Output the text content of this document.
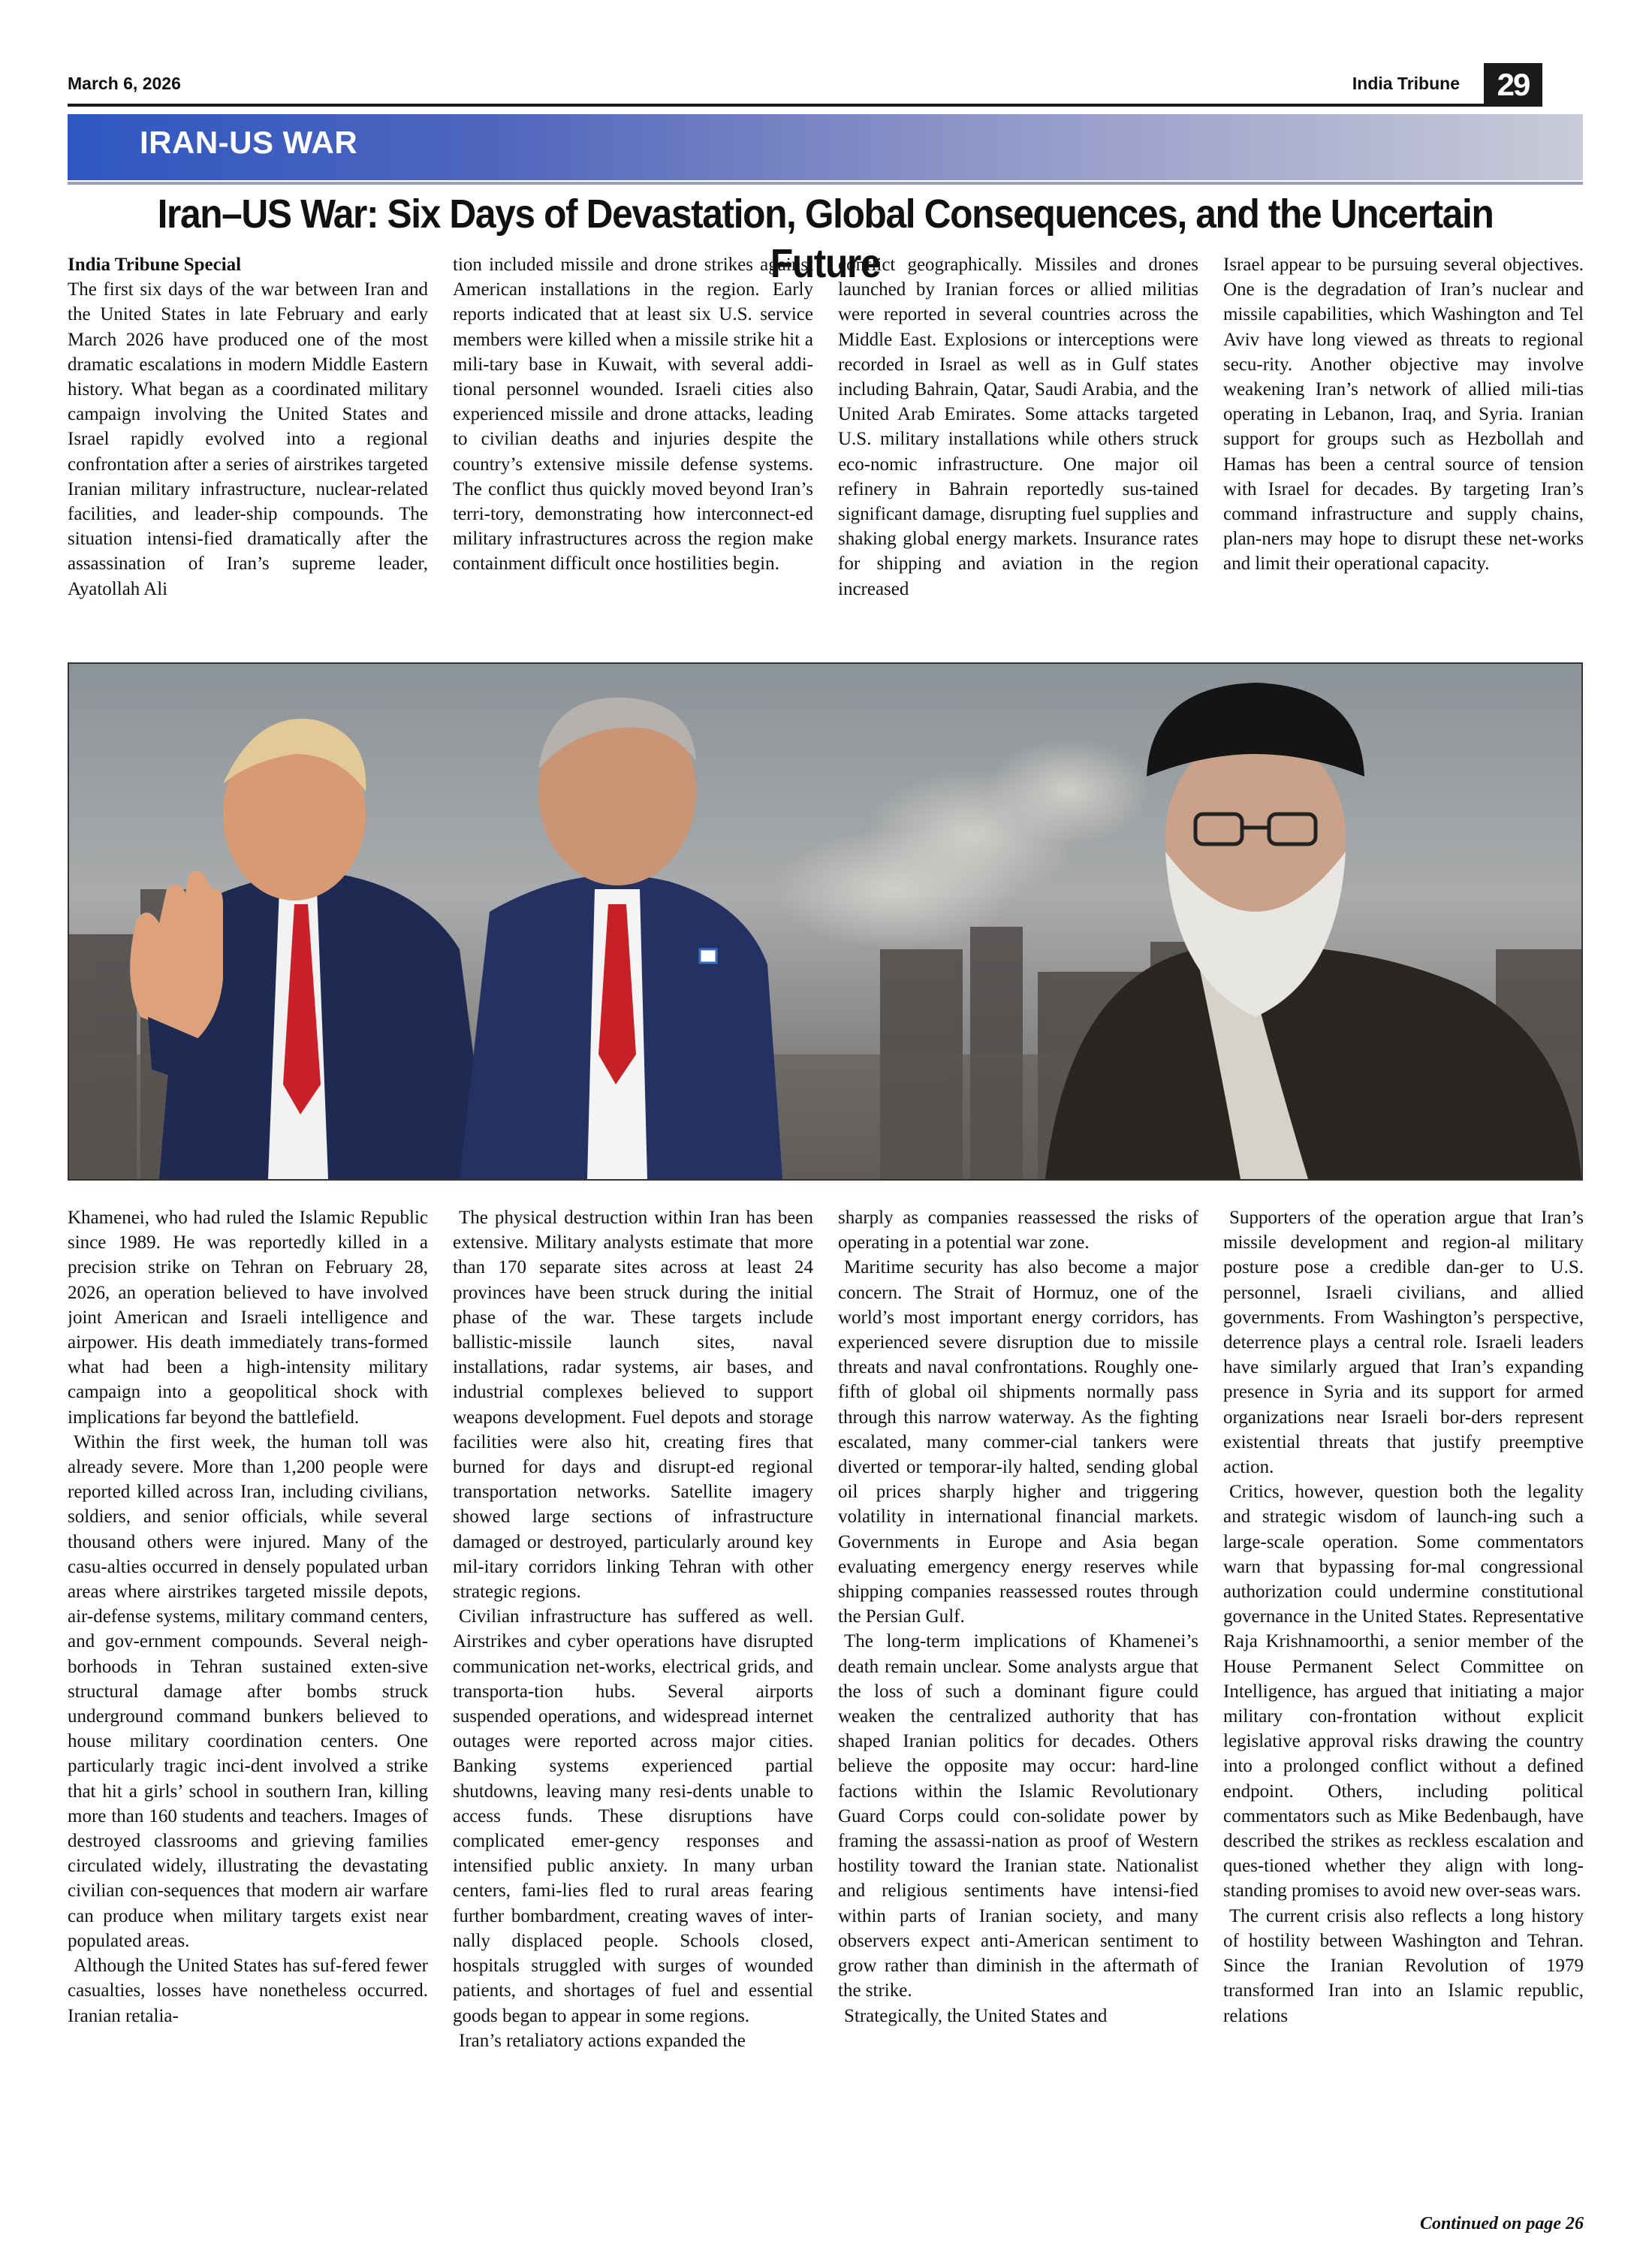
March 6, 2026	India Tribune	29
IRAN-US WAR
Iran–US War: Six Days of Devastation, Global Consequences, and the Uncertain Future

India Tribune Special

The first six days of the war between Iran and the United States in late February and early March 2026 have produced one of the most dramatic escalations in modern Middle Eastern history. What began as a coordinated military campaign involving the United States and Israel rapidly evolved into a regional confrontation after a series of airstrikes targeted Iranian military infrastructure, nuclear-related facilities, and leader-ship compounds. The situation intensi-fied dramatically after the assassination of Iran’s supreme leader, Ayatollah Ali

tion included missile and drone strikes against American installations in the region. Early reports indicated that at least six U.S. service members were killed when a missile strike hit a mili-tary base in Kuwait, with several addi-tional personnel wounded. Israeli cities also experienced missile and drone attacks, leading to civilian deaths and injuries despite the country’s extensive missile defense systems. The conflict thus quickly moved beyond Iran’s terri-tory, demonstrating how interconnect-ed military infrastructures across the region make containment difficult once hostilities begin.

conflict geographically. Missiles and drones launched by Iranian forces or allied militias were reported in several countries across the Middle East. Explosions or interceptions were recorded in Israel as well as in Gulf states including Bahrain, Qatar, Saudi Arabia, and the United Arab Emirates. Some attacks targeted U.S. military installations while others struck eco-nomic infrastructure. One major oil refinery in Bahrain reportedly sus-tained significant damage, disrupting fuel supplies and shaking global energy markets. Insurance rates for shipping and aviation in the region increased

Israel appear to be pursuing several objectives. One is the degradation of Iran’s nuclear and missile capabilities, which Washington and Tel Aviv have long viewed as threats to regional secu-rity. Another objective may involve weakening Iran’s network of allied mili-tias operating in Lebanon, Iraq, and Syria. Iranian support for groups such as Hezbollah and Hamas has been a central source of tension with Israel for decades. By targeting Iran’s command infrastructure and supply chains, plan-ners may hope to disrupt these net-works and limit their operational capacity.

Khamenei, who had ruled the Islamic Republic since 1989. He was reportedly killed in a precision strike on Tehran on February 28, 2026, an operation believed to have involved joint American and Israeli intelligence and airpower. His death immediately trans-formed what had been a high-intensity military campaign into a geopolitical shock with implications far beyond the battlefield.

Within the first week, the human toll was already severe. More than 1,200 people were reported killed across Iran, including civilians, soldiers, and senior officials, while several thousand others were injured. Many of the casu-alties occurred in densely populated urban areas where airstrikes targeted missile depots, air-defense systems, military command centers, and gov-ernment compounds. Several neigh-borhoods in Tehran sustained exten-sive structural damage after bombs struck underground command bunkers believed to house military coordination centers. One particularly tragic inci-dent involved a strike that hit a girls’ school in southern Iran, killing more than 160 students and teachers. Images of destroyed classrooms and grieving families circulated widely, illustrating the devastating civilian con-sequences that modern air warfare can produce when military targets exist near populated areas.

Although the United States has suf-fered fewer casualties, losses have nonetheless occurred. Iranian retalia-

The physical destruction within Iran has been extensive. Military analysts estimate that more than 170 separate sites across at least 24 provinces have been struck during the initial phase of the war. These targets include ballistic-missile launch sites, naval installations, radar systems, air bases, and industrial complexes believed to support weapons development. Fuel depots and storage facilities were also hit, creating fires that burned for days and disrupt-ed regional transportation networks. Satellite imagery showed large sections of infrastructure damaged or destroyed, particularly around key mil-itary corridors linking Tehran with other strategic regions.

Civilian infrastructure has suffered as well. Airstrikes and cyber operations have disrupted communication net-works, electrical grids, and transporta-tion hubs. Several airports suspended operations, and widespread internet outages were reported across major cities. Banking systems experienced partial shutdowns, leaving many resi-dents unable to access funds. These disruptions have complicated emer-gency responses and intensified public anxiety. In many urban centers, fami-lies fled to rural areas fearing further bombardment, creating waves of inter-nally displaced people. Schools closed, hospitals struggled with surges of wounded patients, and shortages of fuel and essential goods began to appear in some regions.

Iran’s retaliatory actions expanded the

sharply as companies reassessed the risks of operating in a potential war zone.

Maritime security has also become a major concern. The Strait of Hormuz, one of the world’s most important energy corridors, has experienced severe disruption due to missile threats and naval confrontations. Roughly one-fifth of global oil shipments normally pass through this narrow waterway. As the fighting escalated, many commer-cial tankers were diverted or temporar-ily halted, sending global oil prices sharply higher and triggering volatility in international financial markets. Governments in Europe and Asia began evaluating emergency energy reserves while shipping companies reassessed routes through the Persian Gulf.

The long-term implications of Khamenei’s death remain unclear. Some analysts argue that the loss of such a dominant figure could weaken the centralized authority that has shaped Iranian politics for decades. Others believe the opposite may occur: hard-line factions within the Islamic Revolutionary Guard Corps could con-solidate power by framing the assassi-nation as proof of Western hostility toward the Iranian state. Nationalist and religious sentiments have intensi-fied within parts of Iranian society, and many observers expect anti-American sentiment to grow rather than diminish in the aftermath of the strike.

Strategically, the United States and

Supporters of the operation argue that Iran’s missile development and region-al military posture pose a credible dan-ger to U.S. personnel, Israeli civilians, and allied governments. From Washington’s perspective, deterrence plays a central role. Israeli leaders have similarly argued that Iran’s expanding presence in Syria and its support for armed organizations near Israeli bor-ders represent existential threats that justify preemptive action.

Critics, however, question both the legality and strategic wisdom of launch-ing such a large-scale operation. Some commentators warn that bypassing for-mal congressional authorization could undermine constitutional governance in the United States. Representative Raja Krishnamoorthi, a senior member of the House Permanent Select Committee on Intelligence, has argued that initiating a major military con-frontation without explicit legislative approval risks drawing the country into a prolonged conflict without a defined endpoint. Others, including political commentators such as Mike Bedenbaugh, have described the strikes as reckless escalation and ques-tioned whether they align with long-standing promises to avoid new over-seas wars.

The current crisis also reflects a long history of hostility between Washington and Tehran. Since the Iranian Revolution of 1979 transformed Iran into an Islamic republic, relations

Continued on page 26
